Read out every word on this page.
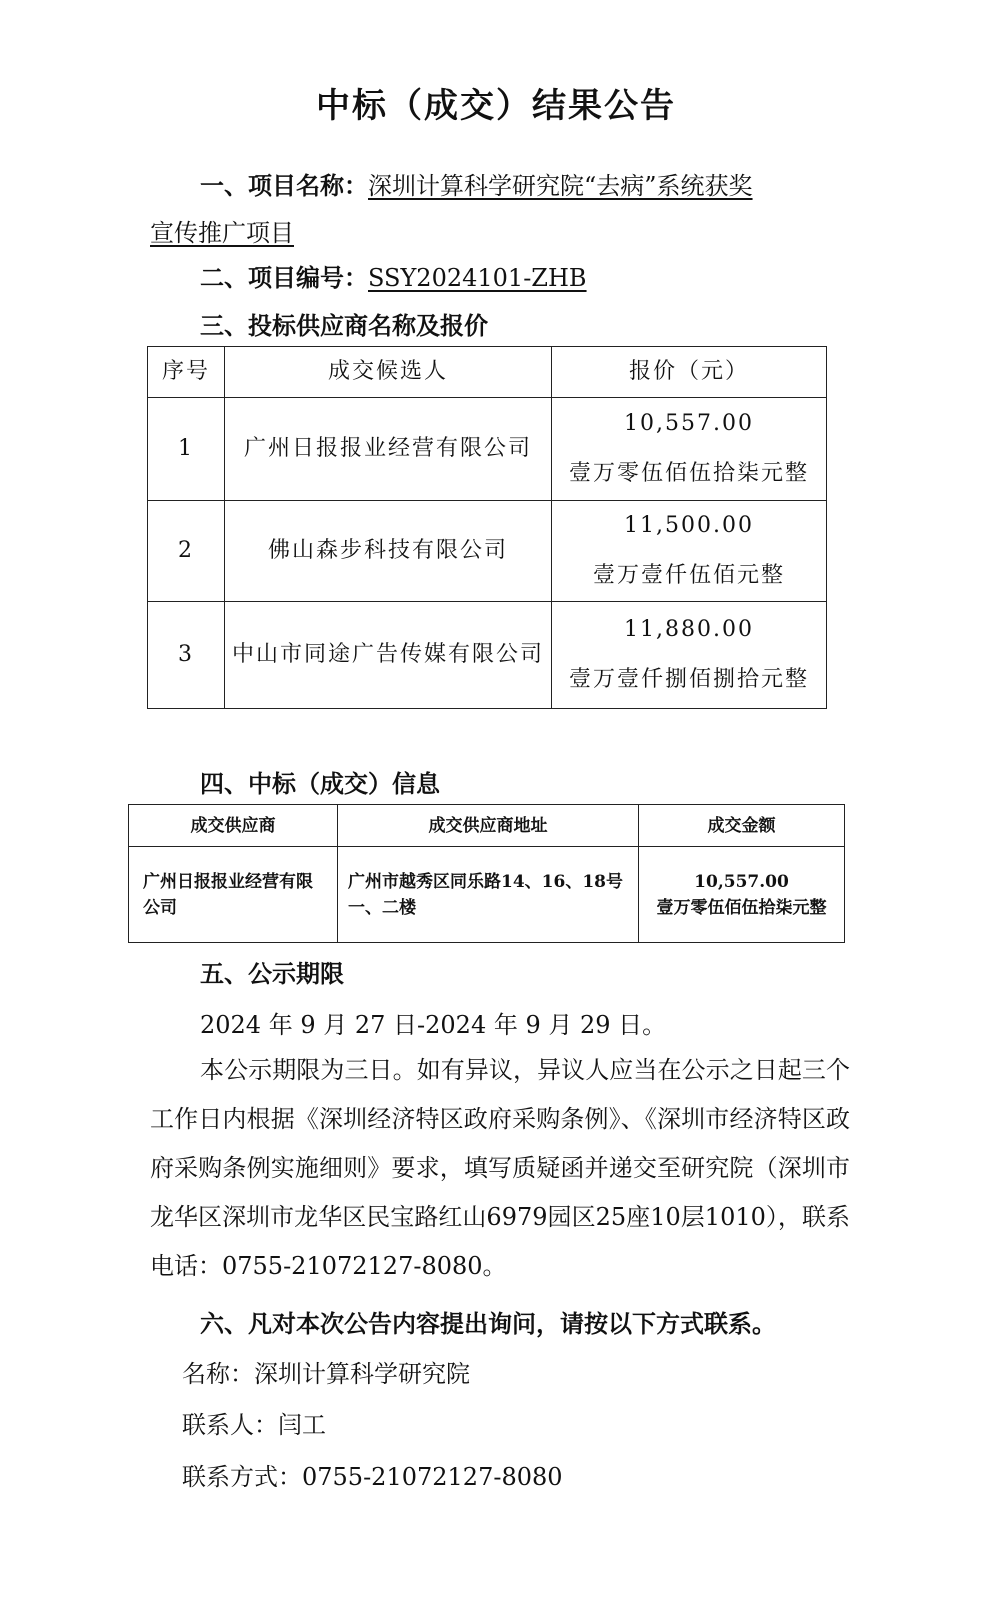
中标（成交）结果公告
一、项目名称：深圳计算科学研究院“去病”系统获奖
宣传推广项目
二、项目编号：SSY2024101-ZHB
三、投标供应商名称及报价
序号	成交候选人	报价（元）
1	广州日报报业经营有限公司	10,557.00
壹万零伍佰伍拾柒元整

2	佛山森步科技有限公司	11,500.00
壹万壹仟伍佰元整

3	中山市同途广告传媒有限公司	11,880.00
壹万壹仟捌佰捌拾元整
四、中标（成交）信息
成交供应商	成交供应商地址	成交金额
广州日报报业经营有限公司	广州市越秀区同乐路14、16、18号一、二楼	10,557.00
壹万零伍佰伍拾柒元整
五、公示期限
2024 年 9 月 27 日-2024 年 9 月 29 日。
本公示期限为三日。如有异议，异议人应当在公示之日起三个工作日内根据《深圳经济特区政府采购条例》、《深圳市经济特区政府采购条例实施细则》要求，填写质疑函并递交至研究院（深圳市龙华区深圳市龙华区民宝路红山6979园区25座10层1010），联系电话：0755-21072127-8080。
六、凡对本次公告内容提出询问，请按以下方式联系。
名称：深圳计算科学研究院
联系人：闫工
联系方式：0755-21072127-8080
